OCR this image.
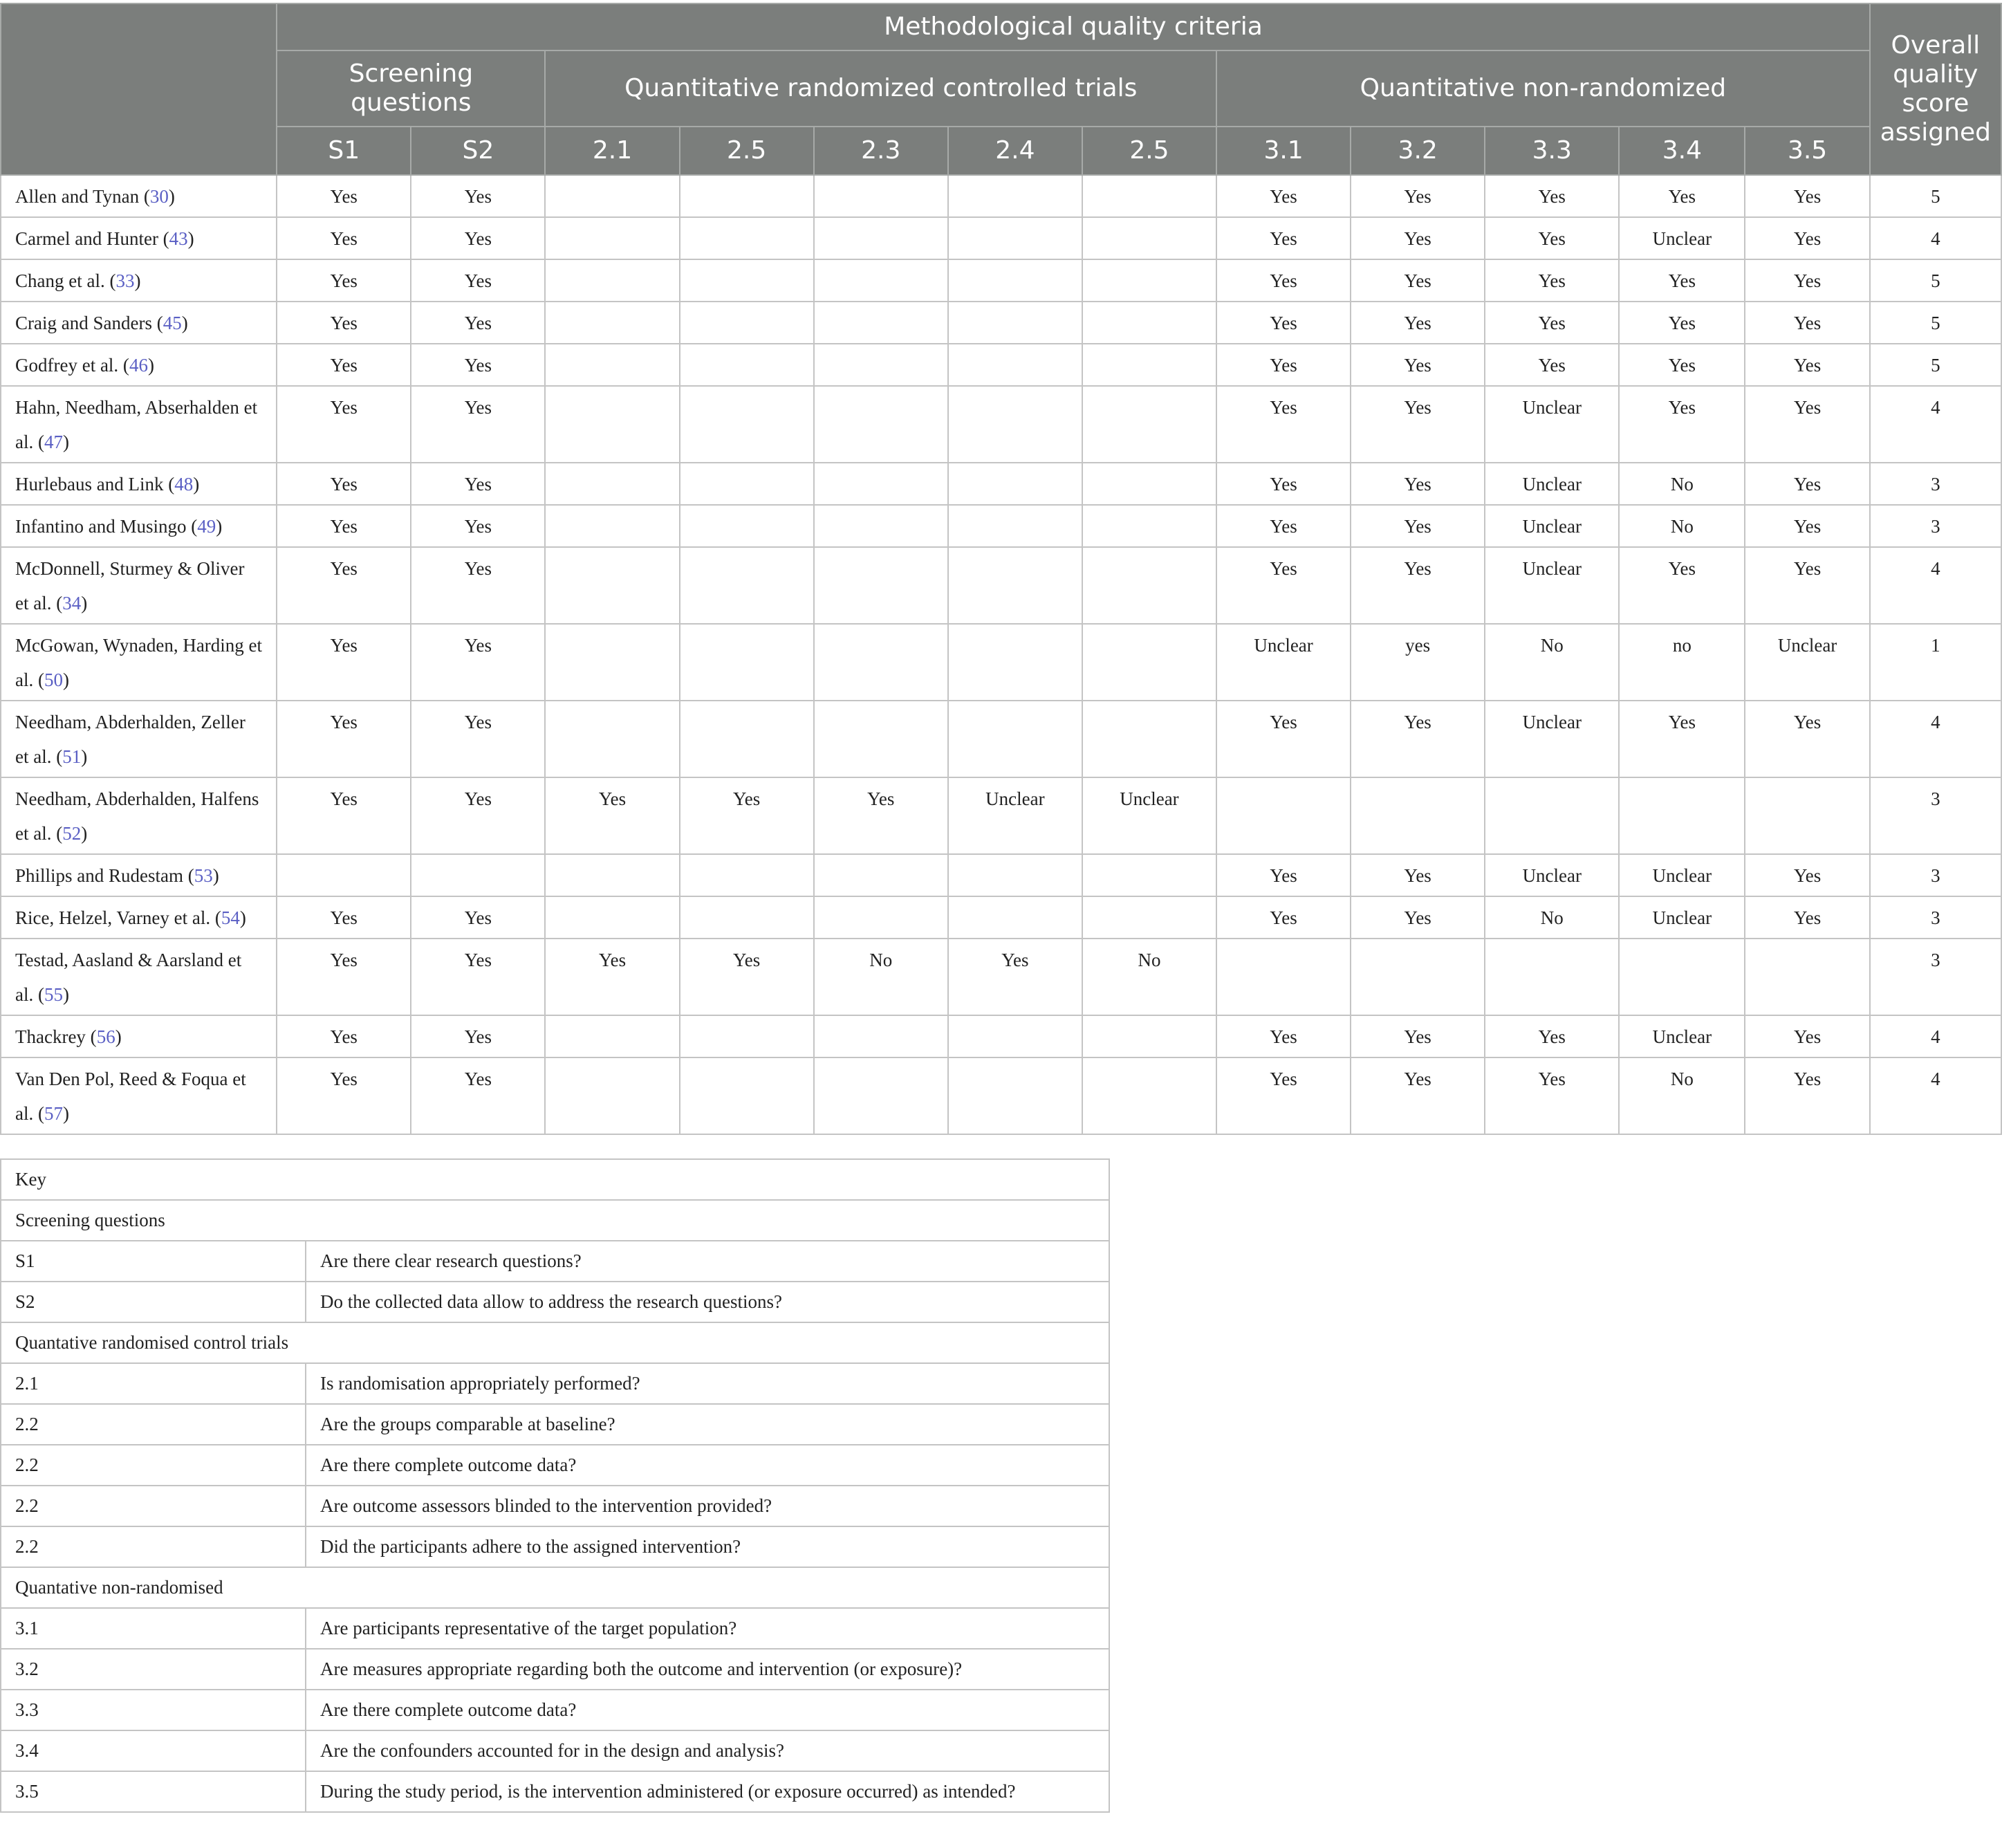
	Methodological quality criteria												Overall quality score assigned
	Screening questions		Quantitative randomized controlled trials					Quantitative non-randomized					
	S1	S2	2.1	2.5	2.3	2.4	2.5	3.1	3.2	3.3	3.4	3.5	
Allen and Tynan (30)	Yes	Yes						Yes	Yes	Yes	Yes	Yes	5
Carmel and Hunter (43)	Yes	Yes						Yes	Yes	Yes	Unclear	Yes	4
Chang et al. (33)	Yes	Yes						Yes	Yes	Yes	Yes	Yes	5
Craig and Sanders (45)	Yes	Yes						Yes	Yes	Yes	Yes	Yes	5
Godfrey et al. (46)	Yes	Yes						Yes	Yes	Yes	Yes	Yes	5
Hahn, Needham, Abserhalden et al. (47)	Yes	Yes						Yes	Yes	Unclear	Yes	Yes	4
Hurlebaus and Link (48)	Yes	Yes						Yes	Yes	Unclear	No	Yes	3
Infantino and Musingo (49)	Yes	Yes						Yes	Yes	Unclear	No	Yes	3
McDonnell, Sturmey & Oliver et al. (34)	Yes	Yes						Yes	Yes	Unclear	Yes	Yes	4
McGowan, Wynaden, Harding et al. (50)	Yes	Yes						Unclear	yes	No	no	Unclear	1
Needham, Abderhalden, Zeller et al. (51)	Yes	Yes						Yes	Yes	Unclear	Yes	Yes	4
Needham, Abderhalden, Halfens et al. (52)	Yes	Yes	Yes	Yes	Yes	Unclear	Unclear						3
Phillips and Rudestam (53)								Yes	Yes	Unclear	Unclear	Yes	3
Rice, Helzel, Varney et al. (54)	Yes	Yes						Yes	Yes	No	Unclear	Yes	3
Testad, Aasland & Aarsland et al. (55)	Yes	Yes	Yes	Yes	No	Yes	No						3
Thackrey (56)	Yes	Yes						Yes	Yes	Yes	Unclear	Yes	4
Van Den Pol, Reed & Foqua et al. (57)	Yes	Yes						Yes	Yes	Yes	No	Yes	4
Key	
Screening questions	
S1	Are there clear research questions?
S2	Do the collected data allow to address the research questions?
Quantative randomised control trials	
2.1	Is randomisation appropriately performed?
2.2	Are the groups comparable at baseline?
2.2	Are there complete outcome data?
2.2	Are outcome assessors blinded to the intervention provided?
2.2	Did the participants adhere to the assigned intervention?
Quantative non-randomised	
3.1	Are participants representative of the target population?
3.2	Are measures appropriate regarding both the outcome and intervention (or exposure)?
3.3	Are there complete outcome data?
3.4	Are the confounders accounted for in the design and analysis?
3.5	During the study period, is the intervention administered (or exposure occurred) as intended?
